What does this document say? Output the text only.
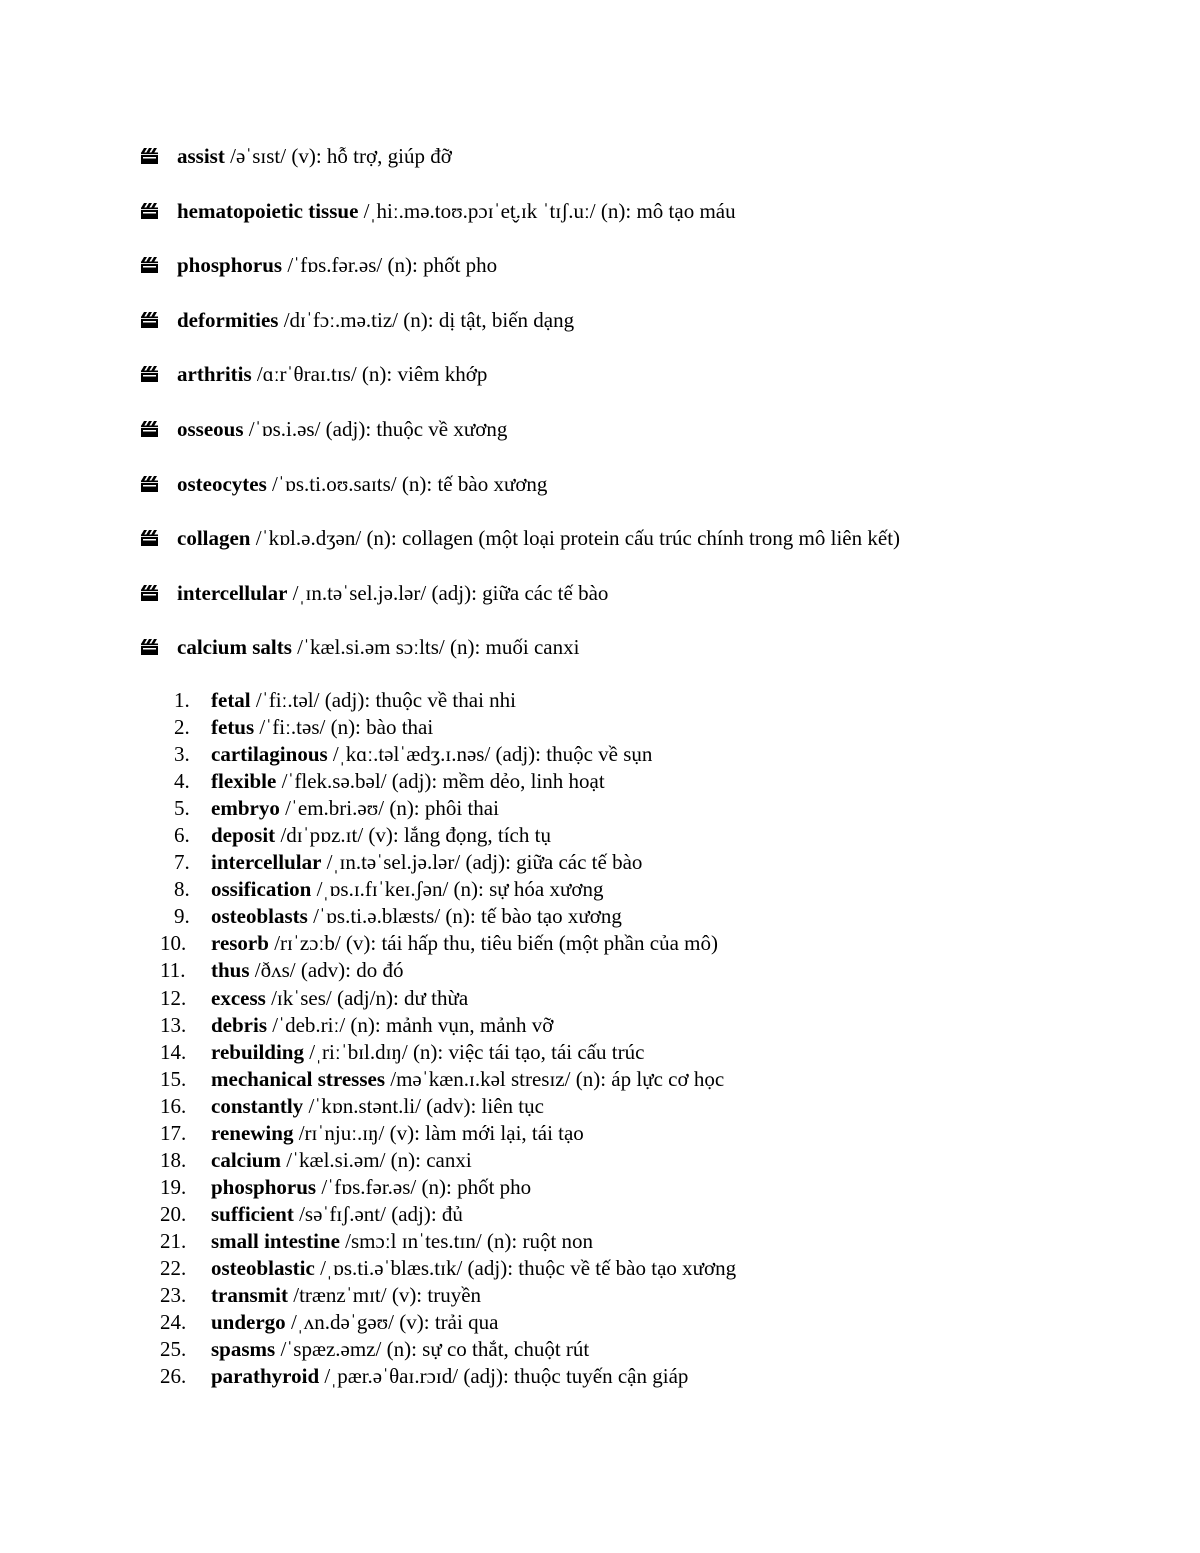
assist /əˈsɪst/ (v): hỗ trợ, giúp đỡ
hematopoietic tissue /ˌhiː.mə.toʊ.pɔɪˈet̬.ɪk ˈtɪʃ.uː/ (n): mô tạo máu
phosphorus /ˈfɒs.fər.əs/ (n): phốt pho
deformities /dɪˈfɔː.mə.tiz/ (n): dị tật, biến dạng
arthritis /ɑːrˈθraɪ.tɪs/ (n): viêm khớp
osseous /ˈɒs.i.əs/ (adj): thuộc về xương
osteocytes /ˈɒs.ti.oʊ.saɪts/ (n): tế bào xương
collagen /ˈkɒl.ə.dʒən/ (n): collagen (một loại protein cấu trúc chính trong mô liên kết)
intercellular /ˌɪn.təˈsel.jə.lər/ (adj): giữa các tế bào
calcium salts /ˈkæl.si.əm sɔːlts/ (n): muối canxi
1.	fetal /ˈfiː.təl/ (adj): thuộc về thai nhi
2.	fetus /ˈfiː.təs/ (n): bào thai
3.	cartilaginous /ˌkɑː.təlˈædʒ.ɪ.nəs/ (adj): thuộc về sụn
4.	flexible /ˈflek.sə.bəl/ (adj): mềm dẻo, linh hoạt
5.	embryo /ˈem.bri.əʊ/ (n): phôi thai
6.	deposit /dɪˈpɒz.ɪt/ (v): lắng đọng, tích tụ
7.	intercellular /ˌɪn.təˈsel.jə.lər/ (adj): giữa các tế bào
8.	ossification /ˌɒs.ɪ.fɪˈkeɪ.ʃən/ (n): sự hóa xương
9.	osteoblasts /ˈɒs.ti.ə.blæsts/ (n): tế bào tạo xương
10.	resorb /rɪˈzɔːb/ (v): tái hấp thu, tiêu biến (một phần của mô)
11.	thus /ðʌs/ (adv): do đó
12.	excess /ɪkˈses/ (adj/n): dư thừa
13.	debris /ˈdeb.riː/ (n): mảnh vụn, mảnh vỡ
14.	rebuilding /ˌriːˈbɪl.dɪŋ/ (n): việc tái tạo, tái cấu trúc
15.	mechanical stresses /məˈkæn.ɪ.kəl stresɪz/ (n): áp lực cơ học
16.	constantly /ˈkɒn.stənt.li/ (adv): liên tục
17.	renewing /rɪˈnjuː.ɪŋ/ (v): làm mới lại, tái tạo
18.	calcium /ˈkæl.si.əm/ (n): canxi
19.	phosphorus /ˈfɒs.fər.əs/ (n): phốt pho
20.	sufficient /səˈfɪʃ.ənt/ (adj): đủ
21.	small intestine /smɔːl ɪnˈtes.tɪn/ (n): ruột non
22.	osteoblastic /ˌɒs.ti.əˈblæs.tɪk/ (adj): thuộc về tế bào tạo xương
23.	transmit /trænzˈmɪt/ (v): truyền
24.	undergo /ˌʌn.dəˈgəʊ/ (v): trải qua
25.	spasms /ˈspæz.əmz/ (n): sự co thắt, chuột rút
26.	parathyroid /ˌpær.əˈθaɪ.rɔɪd/ (adj): thuộc tuyến cận giáp
